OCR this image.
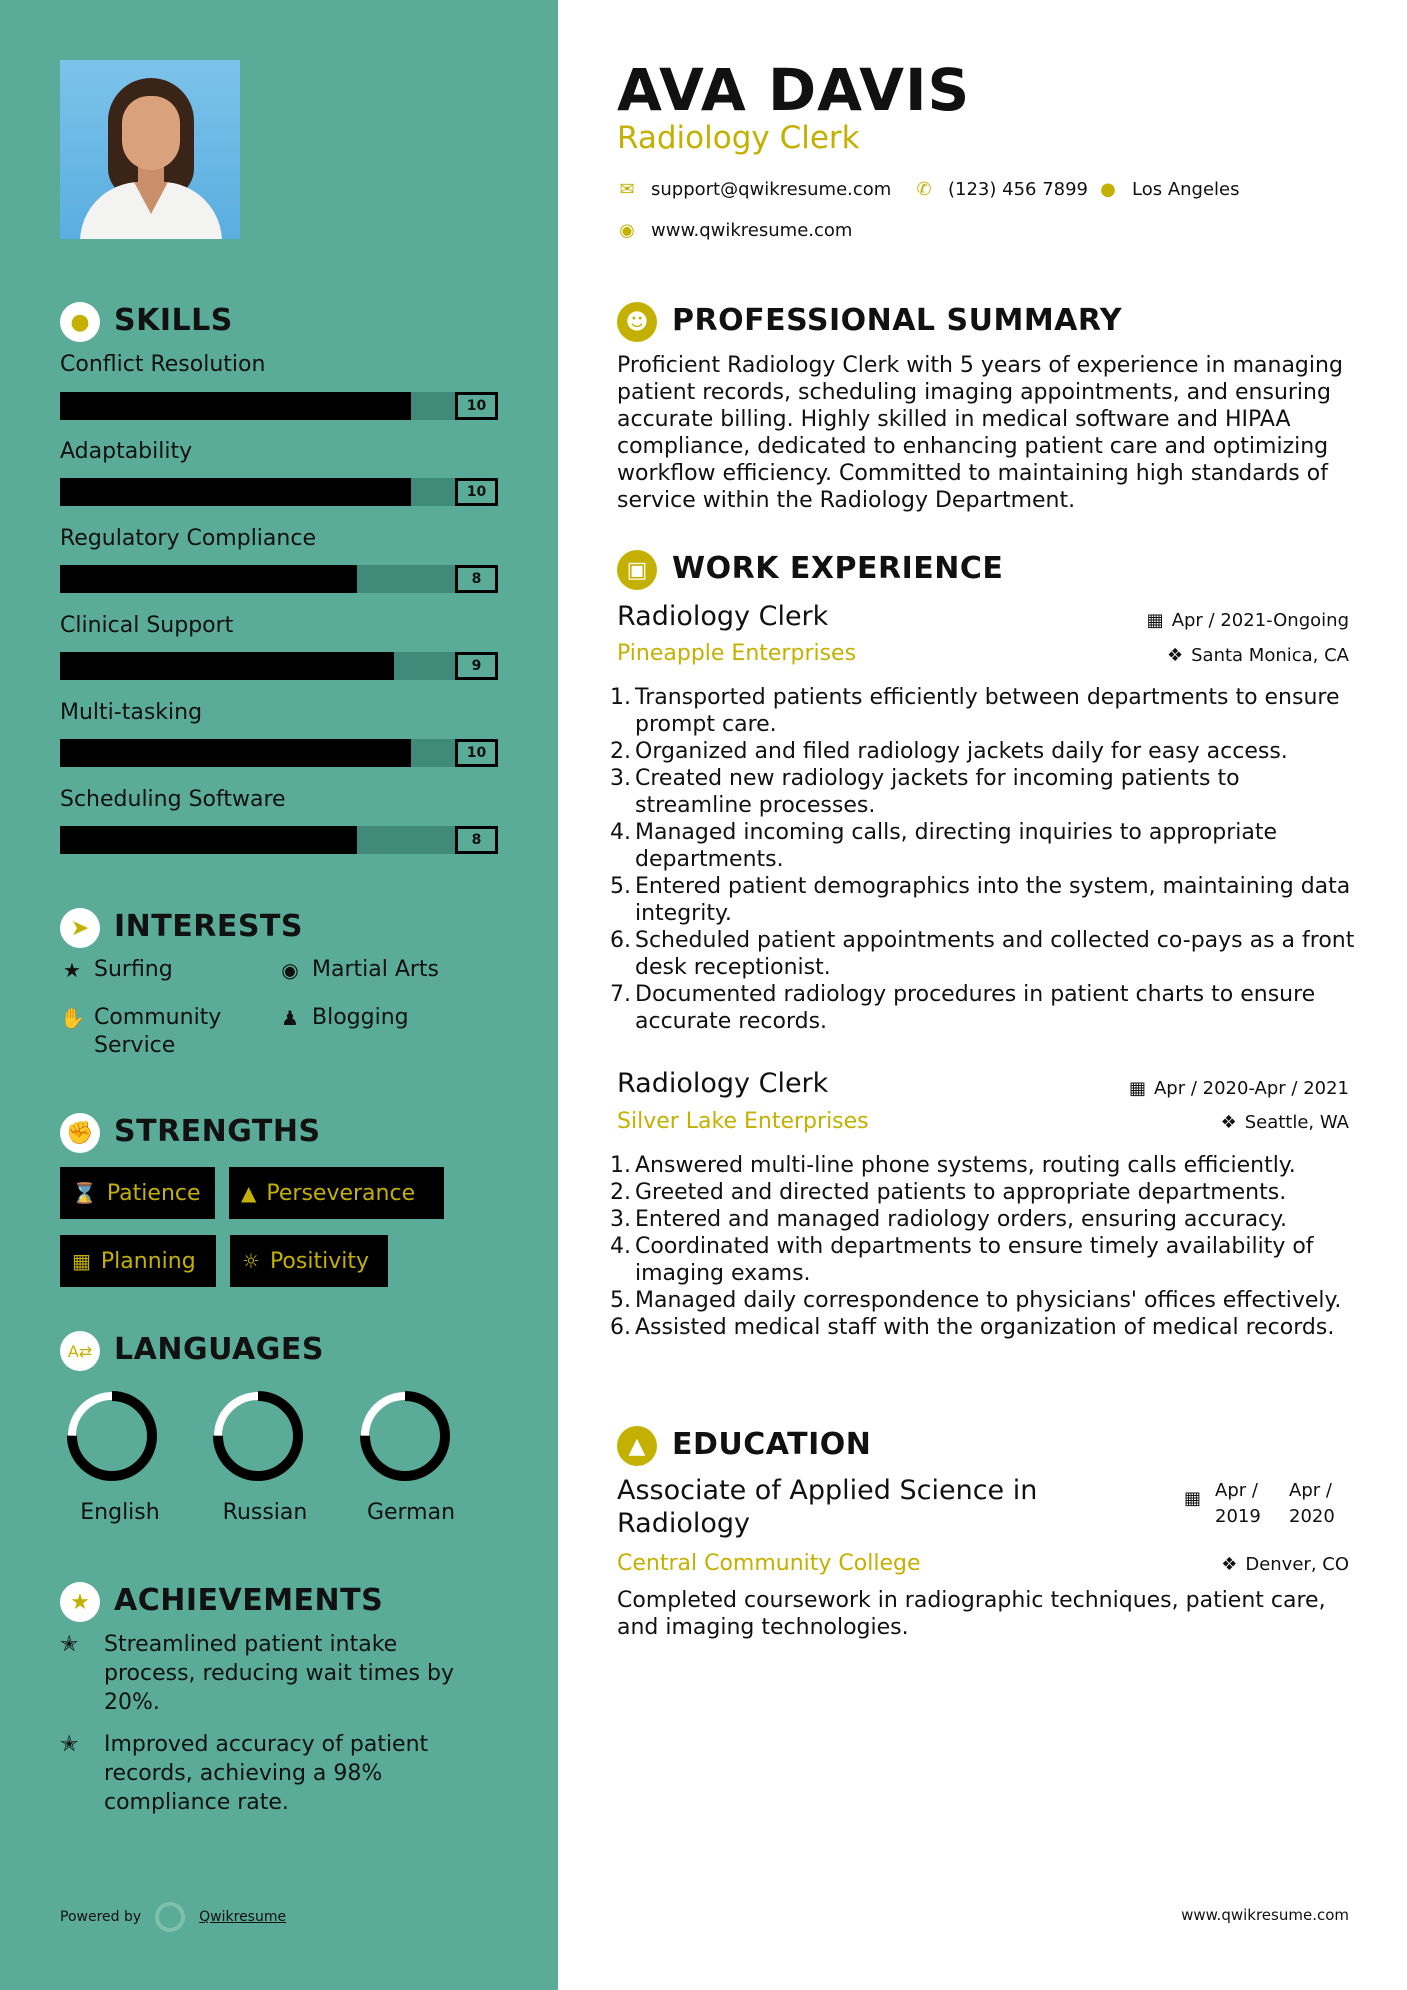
● SKILLS
Conflict Resolution
10
Adaptability
10
Regulatory Compliance
8
Clinical Support
9
Multi-tasking
10
Scheduling Software
8
➤ INTERESTS
★ Surfing	◉ Martial Arts
✋ Community Service
♟ Blogging
✊ STRENGTHS
⌛ Patience ▲ Perseverance
▦ Planning ☼ Positivity
A⇄ LANGUAGES
English	Russian	German
★ ACHIEVEMENTS
✭	Streamlined patient intake process, reducing wait times by 20%.
✭	Improved accuracy of patient records, achieving a 98% compliance rate.
Powered by	Qwikresume
AVA DAVIS
Radiology Clerk
✉ support@qwikresume.com ✆ (123) 456 7899 ● Los Angeles
◉ www.qwikresume.com
☻ PROFESSIONAL SUMMARY

Proficient Radiology Clerk with 5 years of experience in managing patient records, scheduling imaging appointments, and ensuring accurate billing. Highly skilled in medical software and HIPAA compliance, dedicated to enhancing patient care and optimizing workflow efficiency. Committed to maintaining high standards of service within the Radiology Department.

▣ WORK EXPERIENCE
Radiology Clerk	▦ Apr / 2021-Ongoing
Pineapple Enterprises	❖ Santa Monica, CA
Transported patients efficiently between departments to ensure prompt care.
Organized and filed radiology jackets daily for easy access.
Created new radiology jackets for incoming patients to streamline processes.
Managed incoming calls, directing inquiries to appropriate departments.
Entered patient demographics into the system, maintaining data integrity.
Scheduled patient appointments and collected co-pays as a front desk receptionist.
Documented radiology procedures in patient charts to ensure accurate records.
Radiology Clerk	▦ Apr / 2020-Apr / 2021
Silver Lake Enterprises	❖ Seattle, WA
Answered multi-line phone systems, routing calls efficiently.
Greeted and directed patients to appropriate departments.
Entered and managed radiology orders, ensuring accuracy.
Coordinated with departments to ensure timely availability of imaging exams.
Managed daily correspondence to physicians' offices effectively.
Assisted medical staff with the organization of medical records.
▲ EDUCATION
Associate of Applied Science in Radiology
▦ Apr / 2019
Apr / 2020
Central Community College	❖ Denver, CO

Completed coursework in radiographic techniques, patient care, and imaging technologies.

www.qwikresume.com
